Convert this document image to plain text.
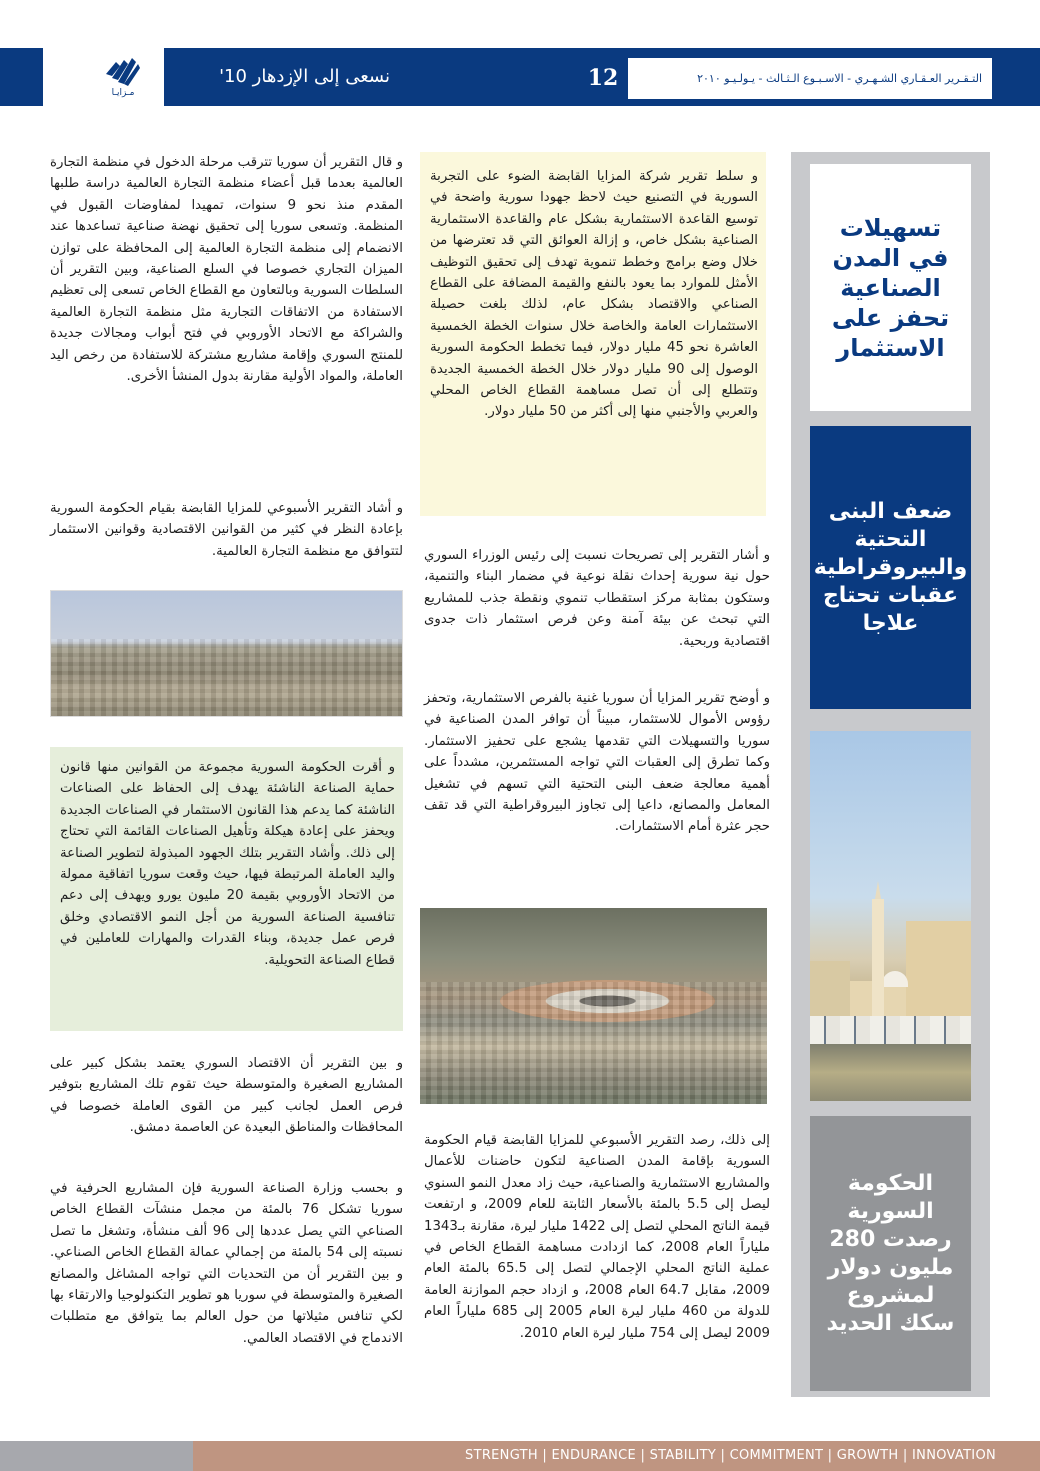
مـزايـا
نسعى إلى الإزدهار 10'	12	التـقـرير العـقـاري الشـهـري - الاسـبـوع الـثـالث - يـولـيـو ٢٠١٠
تسهيلات في المدن الصناعية تحفز على الاستثمار
ضعف البنى التحتية والبيروقراطية عقبات تحتاج علاجا
الحكومة السورية رصدت 280 مليون دولار لمشروع سكك الحديد
و سلط تقرير شركة المزايا القابضة الضوء على التجربة السورية في التصنيع حيث لاحظ جهودا سورية واضحة في توسيع القاعدة الاستثمارية بشكل عام والقاعدة الاستثمارية الصناعية بشكل خاص، و إزالة العوائق التي قد تعترضها من خلال وضع برامج وخطط تنموية تهدف إلى تحقيق التوظيف الأمثل للموارد بما يعود بالنفع والقيمة المضافة على القطاع الصناعي والاقتصاد بشكل عام، لذلك بلغت حصيلة الاستثمارات العامة والخاصة خلال سنوات الخطة الخمسية العاشرة نحو 45 مليار دولار، فيما تخطط الحكومة السورية الوصول إلى 90 مليار دولار خلال الخطة الخمسية الجديدة وتتطلع إلى أن تصل مساهمة القطاع الخاص المحلي والعربي والأجنبي منها إلى أكثر من 50 مليار دولار.
و أشار التقرير إلى تصريحات نسبت إلى رئيس الوزراء السوري حول نية سورية إحداث نقلة نوعية في مضمار البناء والتنمية، وستكون بمثابة مركز استقطاب تنموي ونقطة جذب للمشاريع التي تبحث عن بيئة آمنة وعن فرص استثمار ذات جدوى اقتصادية وربحية.
و أوضح تقرير المزايا أن سوريا غنية بالفرص الاستثمارية، وتحفز رؤوس الأموال للاستثمار، مبيناً أن توافر المدن الصناعية في سوريا والتسهيلات التي تقدمها يشجع على تحفيز الاستثمار. وكما تطرق إلى العقبات التي تواجه المستثمرين، مشدداً على أهمية معالجة ضعف البنى التحتية التي تسهم في تشغيل المعامل والمصانع، داعيا إلى تجاوز البيروقراطية التي قد تقف حجر عثرة أمام الاستثمارات.
إلى ذلك، رصد التقرير الأسبوعي للمزايا القابضة قيام الحكومة السورية بإقامة المدن الصناعية لتكون حاضنات للأعمال والمشاريع الاستثمارية والصناعية، حيث زاد معدل النمو السنوي ليصل إلى 5.5 بالمئة بالأسعار الثابتة للعام 2009، و ارتفعت قيمة الناتج المحلي لتصل إلى 1422 مليار ليرة، مقارنة بـ1343 ملياراً العام 2008، كما ازدادت مساهمة القطاع الخاص في عملية الناتج المحلي الإجمالي لتصل إلى 65.5 بالمئة العام 2009، مقابل 64.7 العام 2008، و ازداد حجم الموازنة العامة للدولة من 460 مليار ليرة العام 2005 إلى 685 ملياراً العام 2009 ليصل إلى 754 مليار ليرة العام 2010.
و قال التقرير أن سوريا تترقب مرحلة الدخول في منظمة التجارة العالمية بعدما قبل أعضاء منظمة التجارة العالمية دراسة طلبها المقدم منذ نحو 9 سنوات، تمهيدا لمفاوضات القبول في المنظمة. وتسعى سوريا إلى تحقيق نهضة صناعية تساعدها عند الانضمام إلى منظمة التجارة العالمية إلى المحافظة على توازن الميزان التجاري خصوصا في السلع الصناعية، وبين التقرير أن السلطات السورية وبالتعاون مع القطاع الخاص تسعى إلى تعظيم الاستفادة من الاتفاقات التجارية مثل منظمة التجارة العالمية والشراكة مع الاتحاد الأوروبي في فتح أبواب ومجالات جديدة للمنتج السوري وإقامة مشاريع مشتركة للاستفادة من رخص اليد العاملة، والمواد الأولية مقارنة بدول المنشأ الأخرى.
و أشاد التقرير الأسبوعي للمزايا القابضة بقيام الحكومة السورية بإعادة النظر في كثير من القوانين الاقتصادية وقوانين الاستثمار لتتوافق مع منظمة التجارة العالمية.
و أقرت الحكومة السورية مجموعة من القوانين منها قانون حماية الصناعة الناشئة يهدف إلى الحفاظ على الصناعات الناشئة كما يدعم هذا القانون الاستثمار في الصناعات الجديدة ويحفز على إعادة هيكلة وتأهيل الصناعات القائمة التي تحتاج إلى ذلك. وأشاد التقرير بتلك الجهود المبذولة لتطوير الصناعة واليد العاملة المرتبطة فيها، حيث وقعت سوريا اتفاقية ممولة من الاتحاد الأوروبي بقيمة 20 مليون يورو ويهدف إلى دعم تنافسية الصناعة السورية من أجل النمو الاقتصادي وخلق فرص عمل جديدة، وبناء القدرات والمهارات للعاملين في قطاع الصناعة التحويلية.
و بين التقرير أن الاقتصاد السوري يعتمد بشكل كبير على المشاريع الصغيرة والمتوسطة حيث تقوم تلك المشاريع بتوفير فرص العمل لجانب كبير من القوى العاملة خصوصا في المحافظات والمناطق البعيدة عن العاصمة دمشق.
و بحسب وزارة الصناعة السورية فإن المشاريع الحرفية في سوريا تشكل 76 بالمئة من مجمل منشآت القطاع الخاص الصناعي التي يصل عددها إلى 96 ألف منشأة، وتشغل ما تصل نسبته إلى 54 بالمئة من إجمالي عمالة القطاع الخاص الصناعي. و بين التقرير أن من التحديات التي تواجه المشاغل والمصانع الصغيرة والمتوسطة في سوريا هو تطوير التكنولوجيا والارتقاء بها لكي تنافس مثيلاتها من حول العالم بما يتوافق مع متطلبات الاندماج في الاقتصاد العالمي.
STRENGTH | ENDURANCE | STABILITY | COMMITMENT | GROWTH | INNOVATION
